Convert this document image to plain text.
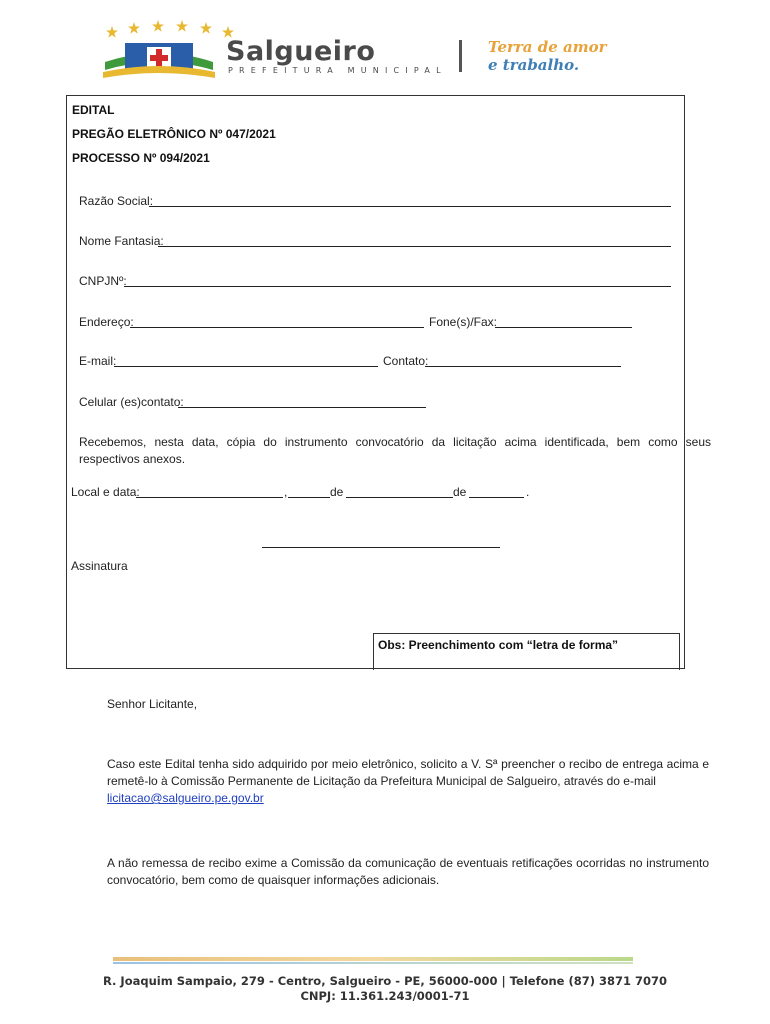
Salgueiro
PREFEITURA MUNICIPAL
Terra de amor
e trabalho.
EDITAL
PREGÃO ELETRÔNICO Nº 047/2021
PROCESSO Nº 094/2021
Razão Social:
Nome Fantasia:
CNPJNº:
Endereço:	Fone(s)/Fax:
E-mail:	Contato:
Celular (es)contato:
Recebemos, nesta data, cópia do instrumento convocatório da licitação acima identificada, bem como seus respectivos anexos.
Local e data:	,	de	de	.
Assinatura
Obs: Preenchimento com “letra de forma”
Senhor Licitante,
Caso este Edital tenha sido adquirido por meio eletrônico, solicito a V. Sª preencher o recibo de entrega acima e remetê-lo à Comissão Permanente de Licitação da Prefeitura Municipal de Salgueiro, através do e-mail
licitacao@salgueiro.pe.gov.br
A não remessa de recibo exime a Comissão da comunicação de eventuais retificações ocorridas no instrumento convocatório, bem como de quaisquer informações adicionais.
R. Joaquim Sampaio, 279 - Centro, Salgueiro - PE, 56000-000 | Telefone (87) 3871 7070
CNPJ: 11.361.243/0001-71
